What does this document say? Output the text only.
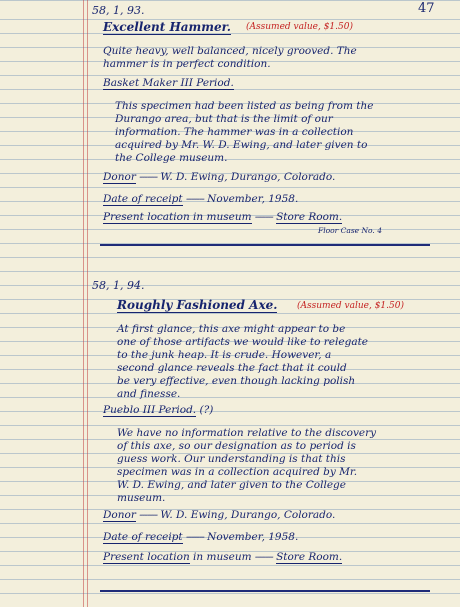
47
58, 1, 93.
Excellent Hammer. (Assumed value, $1.50)
Quite heavy, well balanced, nicely grooved. The
hammer is in perfect condition.
Basket Maker III Period.
This specimen had been listed as being from the
Durango area, but that is the limit of our
information. The hammer was in a collection
acquired by Mr. W. D. Ewing, and later given to
the College museum.
Donor ------- W. D. Ewing, Durango, Colorado.
Date of receipt ------- November, 1958.
Present location in museum ------- Store Room.
Floor Case No. 4
58, 1, 94.
Roughly Fashioned Axe. (Assumed value, $1.50)
At first glance, this axe might appear to be
one of those artifacts we would like to relegate
to the junk heap. It is crude. However, a
second glance reveals the fact that it could
be very effective, even though lacking polish
and finesse.
Pueblo III Period. (?)
We have no information relative to the discovery
of this axe, so our designation as to period is
guess work. Our understanding is that this
specimen was in a collection acquired by Mr.
W. D. Ewing, and later given to the College
museum.
Donor ------- W. D. Ewing, Durango, Colorado.
Date of receipt ------- November, 1958.
Present location in museum ------- Store Room.
